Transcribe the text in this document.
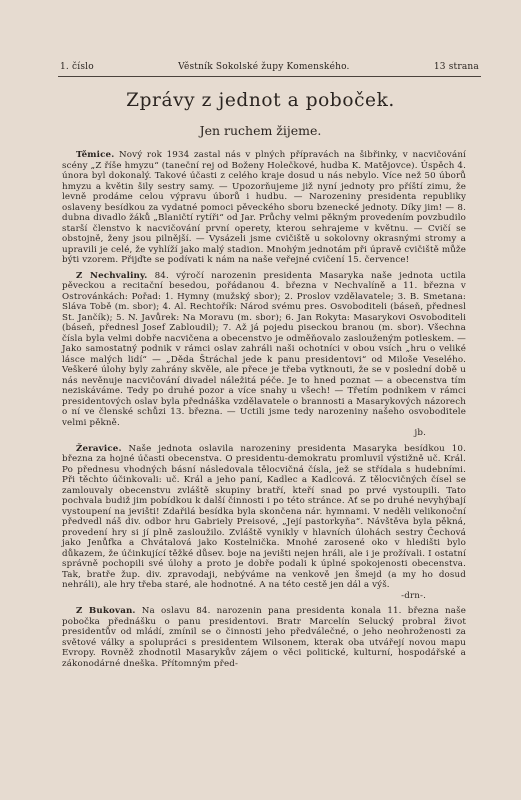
1. číslo	Věstník Sokolské župy Komenského.	13 strana
Zprávy z jednot a poboček.
Jen ruchem žijeme.

Těmice. Nový rok 1934 zastal nás v plných přípravách na šibřinky, v nacvičování scény „Z říše hmyzu“ (taneční rej od Boženy Holečkové, hudba K. Matějovce). Úspěch 4. února byl dokonalý. Takové účasti z celého kraje dosud u nás nebylo. Více než 50 úborů hmyzu a květin šily sestry samy. — Upozorňujeme již nyní jednoty pro příští zimu, že levně prodáme celou výpravu úborů i hudbu. — Narozeniny presidenta republiky oslaveny besídkou za vydatné pomoci pěveckého sboru bzenecké jednoty. Díky jim! — 8. dubna divadlo žáků „Blaničtí rytíři“ od Jar. Průchy velmi pěkným provedením povzbudilo starší členstvo k nacvičování první operety, kterou sehrajeme v květnu. — Cvičí se obstojně, ženy jsou pilnější. — Vysázeli jsme cvičiště u sokolovny okrasnými stromy a upravili je celé, že vyhlíží jako malý stadion. Mnohým jednotám při úpravě cvičiště může býti vzorem. Přijďte se podívati k nám na naše veřejné cvičení 15. července!

Z Nechvaliny. 84. výročí narozenin presidenta Masaryka naše jednota uctila pěveckou a recitační besedou, pořádanou 4. března v Nechvalíně a 11. března v Ostrovánkách: Pořad: 1. Hymny (mužský sbor); 2. Proslov vzdělavatele; 3. B. Smetana: Sláva Tobě (m. sbor); 4. Al. Rechtořík: Národ svému pres. Osvoboditeli (báseň, přednesl St. Jančík); 5. N. Javůrek: Na Moravu (m. sbor); 6. Jan Rokyta: Masarykovi Osvoboditeli (báseň, přednesl Josef Zabloudil); 7. Až já pojedu piseckou branou (m. sbor). Všechna čísla byla velmi dobře nacvičena a obecenstvo je odměňovalo zaslouženým potleskem. — Jako samostatný podnik v rámci oslav zahráli naši ochotníci v obou vsích „hru o veliké lásce malých lidí“ — „Děda Štráchal jede k panu presidentovi“ od Miloše Veselého. Veškeré úlohy byly zahrány skvěle, ale přece je třeba vytknouti, že se v poslední době u nás nevěnuje nacvičování divadel náležitá péče. Je to hned poznat — a obecenstva tím neziskáváme. Tedy po druhé pozor a více snahy u všech! — Třetím podnikem v rámci presidentových oslav byla přednáška vzdělavatele o brannosti a Masarykových názorech o ní ve členské schůzi 13. března. — Uctili jsme tedy narozeniny našeho osvoboditele velmi pěkně.
jb.

Žeravice. Naše jednota oslavila narozeniny presidenta Masaryka besídkou 10. března za hojné účasti obecenstva. O presidentu-demokratu promluvil výstižně uč. Král. Po přednesu vhodných básní následovala tělocvičná čísla, jež se střídala s hudebními. Při těchto účinkovali: uč. Král a jeho paní, Kadlec a Kadlcová. Z tělocvičných čísel se zamlouvaly obecenstvu zvláště skupiny bratří, kteří snad po prvé vystoupili. Tato pochvala budiž jim pobídkou k další činnosti i po této stránce. Ať se po druhé nevyhýbají vystoupení na jevišti! Zdařilá besídka byla skončena nár. hymnami. V neděli velikonoční předvedl náš div. odbor hru Gabriely Preisové, „Její pastorkyňa“. Návštěva byla pěkná, provedení hry si jí plně zasloužilo. Zvláště vynikly v hlavních úlohách sestry Čechová jako Jenůfka a Chvátalová jako Kostelnička. Mnohé zarosené oko v hledišti bylo důkazem, že účinkující těžké důsev. boje na jevišti nejen hráli, ale i je prožívali. I ostatní správně pochopili své úlohy a proto je dobře podali k úplné spokojenosti obecenstva. Tak, bratře žup. div. zpravodaji, nebýváme na venkově jen šmejd (a my ho dosud nehráli), ale hry třeba staré, ale hodnotné. A na této cestě jen dál a výš.
-drn-.

Z Bukovan. Na oslavu 84. narozenin pana presidenta konala 11. března naše pobočka přednášku o panu presidentovi. Bratr Marcelín Selucký probral život presidentův od mládí, zmínil se o činnosti jeho předválečné, o jeho neohroženosti za světové války a spolupráci s presidentem Wilsonem, kterak oba utvářejí novou mapu Evropy. Rovněž zhodnotil Masarykův zájem o věci politické, kulturní, hospodářské a zákonodárné dneška. Přítomným před-
